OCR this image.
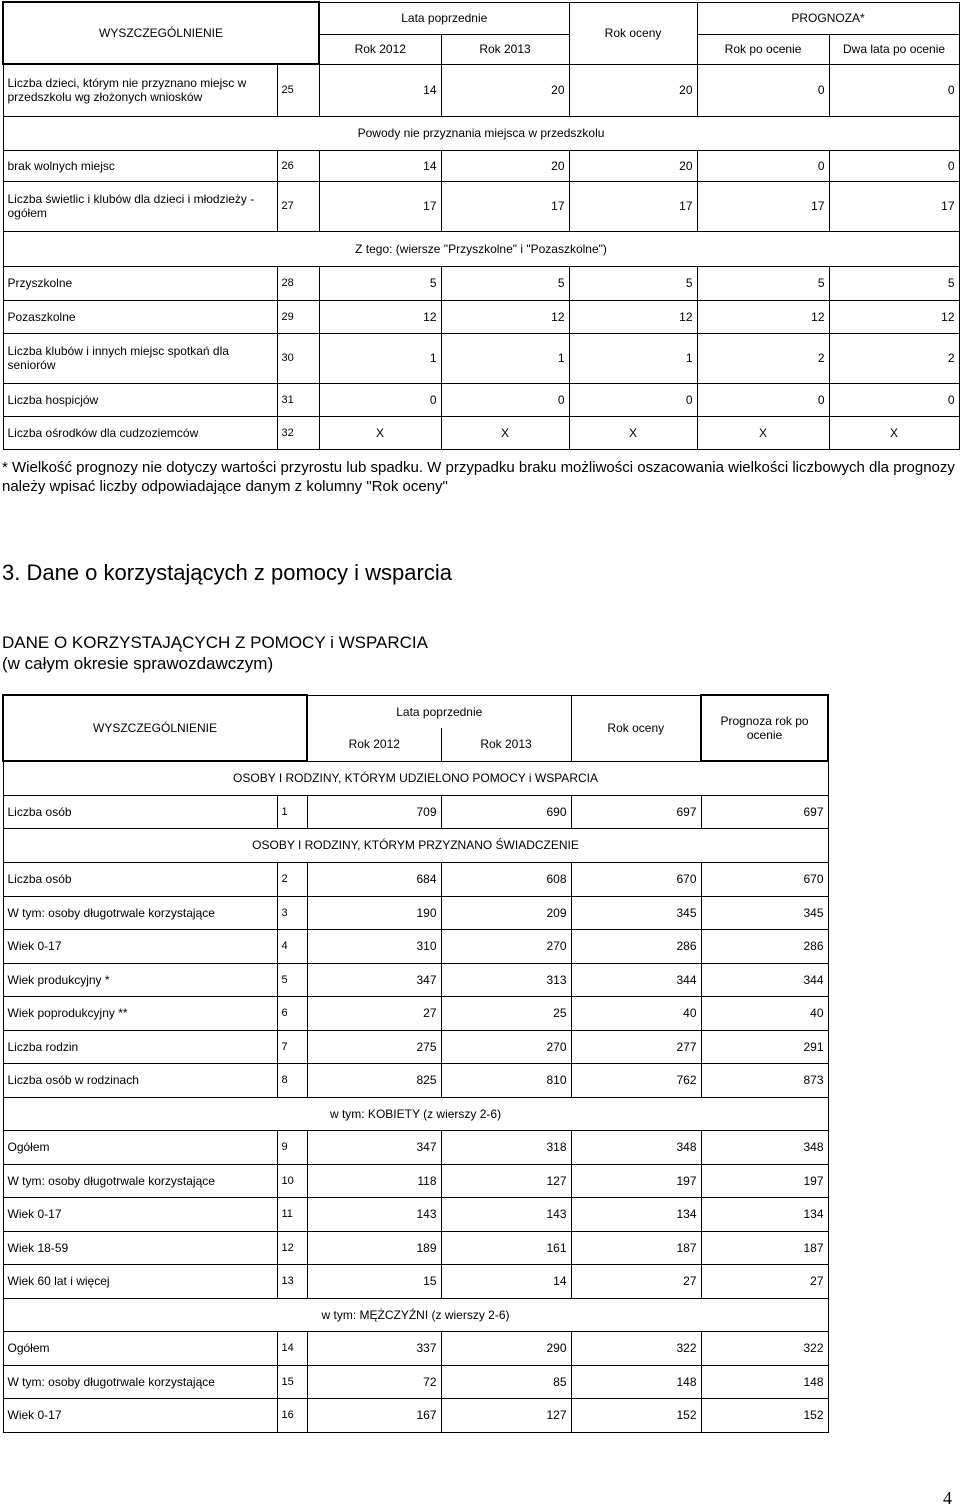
WYSZCZEGÓLNIENIE		Lata poprzednie		Rok oceny	PROGNOZA*	
		Rok 2012	Rok 2013		Rok po ocenie	Dwa lata po ocenie
Liczba dzieci, którym nie przyznano miejsc w przedszkolu wg złożonych wniosków	25	14	20	20	0	0
Powody nie przyznania miejsca w przedszkolu						
brak wolnych miejsc	26	14	20	20	0	0
Liczba świetlic i klubów dla dzieci i młodzieży - ogółem	27	17	17	17	17	17
Z tego: (wiersze "Przyszkolne" i "Pozaszkolne")						
Przyszkolne	28	5	5	5	5	5
Pozaszkolne	29	12	12	12	12	12
Liczba klubów i innych miejsc spotkań dla seniorów	30	1	1	1	2	2
Liczba hospicjów	31	0	0	0	0	0
Liczba ośrodków dla cudzoziemców	32	X	X	X	X	X
* Wielkość prognozy nie dotyczy wartości przyrostu lub spadku. W przypadku braku możliwości oszacowania wielkości liczbowych dla prognozy należy wpisać liczby odpowiadające danym z kolumny "Rok oceny"
3. Dane o korzystających z pomocy i wsparcia
DANE O KORZYSTAJĄCYCH Z POMOCY i WSPARCIA
(w całym okresie sprawozdawczym)
WYSZCZEGÓLNIENIE		Lata poprzednie		Rok oceny	Prognoza rok po ocenie
		Rok 2012	Rok 2013		
OSOBY I RODZINY, KTÓRYM UDZIELONO POMOCY i WSPARCIA					
Liczba osób	1	709	690	697	697
OSOBY I RODZINY, KTÓRYM PRZYZNANO ŚWIADCZENIE					
Liczba osób	2	684	608	670	670
W tym: osoby długotrwale korzystające	3	190	209	345	345
Wiek 0-17	4	310	270	286	286
Wiek produkcyjny *	5	347	313	344	344
Wiek poprodukcyjny **	6	27	25	40	40
Liczba rodzin	7	275	270	277	291
Liczba osób w rodzinach	8	825	810	762	873
w tym: KOBIETY (z wierszy 2-6)					
Ogółem	9	347	318	348	348
W tym: osoby długotrwale korzystające	10	118	127	197	197
Wiek 0-17	11	143	143	134	134
Wiek 18-59	12	189	161	187	187
Wiek 60 lat i więcej	13	15	14	27	27
w tym: MĘŻCZYŹNI (z wierszy 2-6)					
Ogółem	14	337	290	322	322
W tym: osoby długotrwale korzystające	15	72	85	148	148
Wiek 0-17	16	167	127	152	152
4
